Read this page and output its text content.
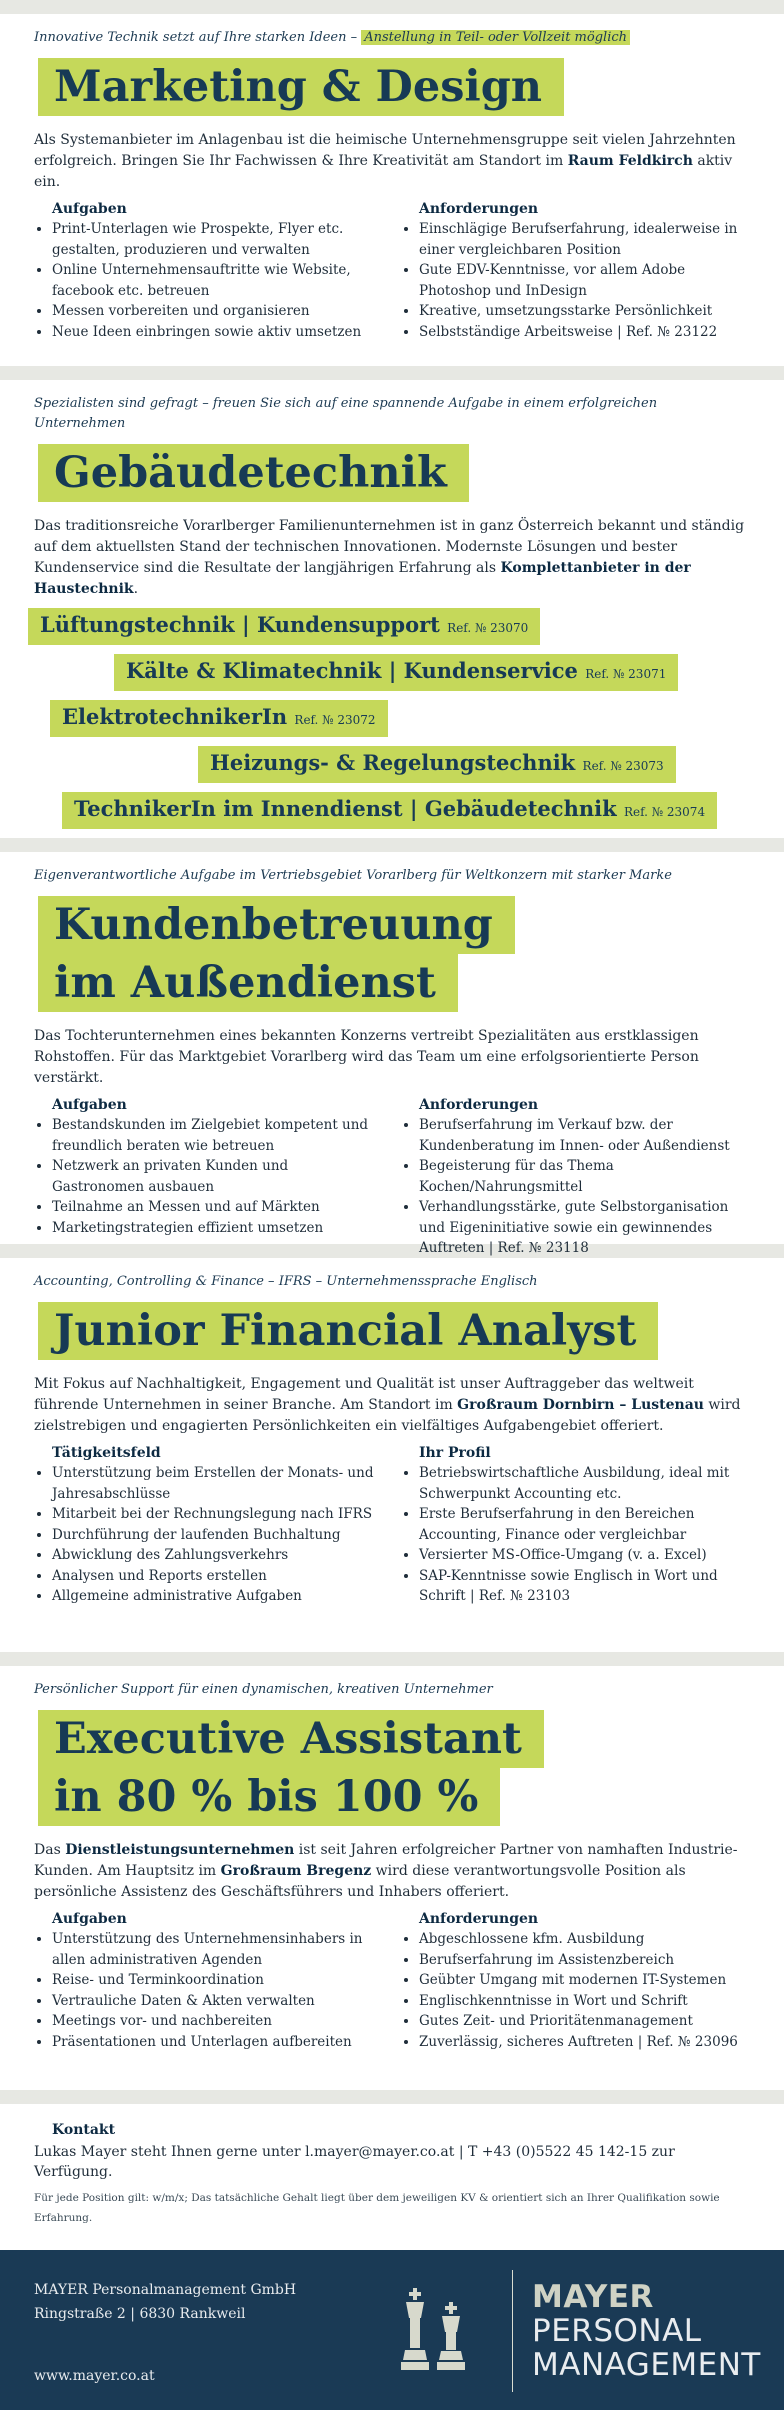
Innovative Technik setzt auf Ihre starken Ideen – Anstellung in Teil- oder Vollzeit möglich
Marketing & Design
Als Systemanbieter im Anlagenbau ist die heimische Unternehmensgruppe seit vielen Jahrzehnten erfolgreich. Bringen Sie Ihr Fachwissen & Ihre Kreativität am Standort im Raum Feldkirch aktiv ein.
Aufgaben
• Print-Unterlagen wie Prospekte, Flyer etc. gestalten, produzieren und verwalten
• Online Unternehmensauftritte wie Website, facebook etc. betreuen
• Messen vorbereiten und organisieren
• Neue Ideen einbringen sowie aktiv umsetzen
Anforderungen
• Einschlägige Berufserfahrung, idealerweise in einer vergleichbaren Position
• Gute EDV-Kenntnisse, vor allem Adobe Photoshop und InDesign
• Kreative, umsetzungsstarke Persönlichkeit
• Selbstständige Arbeitsweise | Ref. № 23122
Spezialisten sind gefragt – freuen Sie sich auf eine spannende Aufgabe in einem erfolgreichen Unternehmen
Gebäudetechnik
Das traditionsreiche Vorarlberger Familienunternehmen ist in ganz Österreich bekannt und ständig auf dem aktuellsten Stand der technischen Innovationen. Modernste Lösungen und bester Kundenservice sind die Resultate der langjährigen Erfahrung als Komplettanbieter in der Haustechnik.
Lüftungstechnik | Kundensupport Ref. № 23070
Kälte & Klimatechnik | Kundenservice Ref. № 23071
ElektrotechnikerIn Ref. № 23072
Heizungs- & Regelungstechnik Ref. № 23073
TechnikerIn im Innendienst | Gebäudetechnik Ref. № 23074
Eigenverantwortliche Aufgabe im Vertriebsgebiet Vorarlberg für Weltkonzern mit starker Marke
Kundenbetreuung
im Außendienst
Das Tochterunternehmen eines bekannten Konzerns vertreibt Spezialitäten aus erstklassigen Rohstoffen. Für das Marktgebiet Vorarlberg wird das Team um eine erfolgsorientierte Person verstärkt.
Aufgaben
• Bestandskunden im Zielgebiet kompetent und freundlich beraten wie betreuen
• Netzwerk an privaten Kunden und Gastronomen ausbauen
• Teilnahme an Messen und auf Märkten
• Marketingstrategien effizient umsetzen
Anforderungen
• Berufserfahrung im Verkauf bzw. der Kundenberatung im Innen- oder Außendienst
• Begeisterung für das Thema Kochen/Nahrungsmittel
• Verhandlungsstärke, gute Selbstorganisation und Eigeninitiative sowie ein gewinnendes Auftreten | Ref. № 23118
Accounting, Controlling & Finance – IFRS – Unternehmenssprache Englisch
Junior Financial Analyst
Mit Fokus auf Nachhaltigkeit, Engagement und Qualität ist unser Auftraggeber das weltweit führende Unternehmen in seiner Branche. Am Standort im Großraum Dornbirn – Lustenau wird zielstrebigen und engagierten Persönlichkeiten ein vielfältiges Aufgabengebiet offeriert.
Tätigkeitsfeld
• Unterstützung beim Erstellen der Monats- und Jahresabschlüsse
• Mitarbeit bei der Rechnungslegung nach IFRS
• Durchführung der laufenden Buchhaltung
• Abwicklung des Zahlungsverkehrs
• Analysen und Reports erstellen
• Allgemeine administrative Aufgaben
Ihr Profil
• Betriebswirtschaftliche Ausbildung, ideal mit Schwerpunkt Accounting etc.
• Erste Berufserfahrung in den Bereichen Accounting, Finance oder vergleichbar
• Versierter MS-Office-Umgang (v. a. Excel)
• SAP-Kenntnisse sowie Englisch in Wort und Schrift | Ref. № 23103
Persönlicher Support für einen dynamischen, kreativen Unternehmer
Executive Assistant
in 80 % bis 100 %
Das Dienstleistungsunternehmen ist seit Jahren erfolgreicher Partner von namhaften Industrie-Kunden. Am Hauptsitz im Großraum Bregenz wird diese verantwortungsvolle Position als persönliche Assistenz des Geschäftsführers und Inhabers offeriert.
Aufgaben
• Unterstützung des Unternehmensinhabers in allen administrativen Agenden
• Reise- und Terminkoordination
• Vertrauliche Daten & Akten verwalten
• Meetings vor- und nachbereiten
• Präsentationen und Unterlagen aufbereiten
Anforderungen
• Abgeschlossene kfm. Ausbildung
• Berufserfahrung im Assistenzbereich
• Geübter Umgang mit modernen IT-Systemen
• Englischkenntnisse in Wort und Schrift
• Gutes Zeit- und Prioritätenmanagement
• Zuverlässig, sicheres Auftreten | Ref. № 23096
Kontakt

Lukas Mayer steht Ihnen gerne unter l.mayer@mayer.co.at | T +43 (0)5522 45 142-15 zur Verfügung.

Für jede Position gilt: w/m/x; Das tatsächliche Gehalt liegt über dem jeweiligen KV & orientiert sich an Ihrer Qualifikation sowie Erfahrung.

MAYER Personalmanagement GmbH
Ringstraße 2 | 6830 Rankweil
www.mayer.co.at
MAYER
PERSONAL
MANAGEMENT
